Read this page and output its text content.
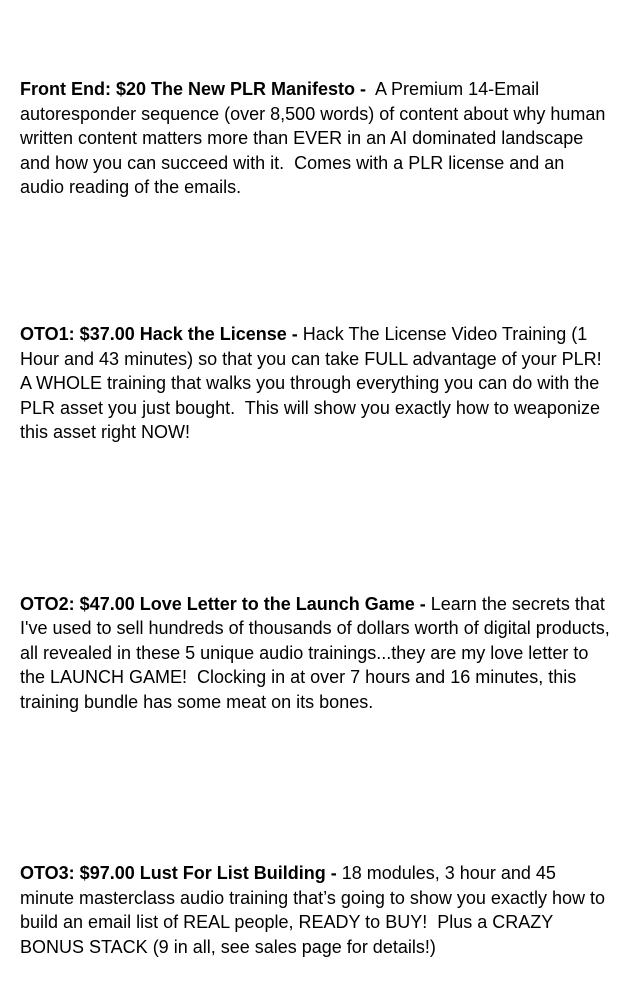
Front End: $20 The New PLR Manifesto -  A Premium 14-Email autoresponder sequence (over 8,500 words) of content about why human written content matters more than EVER in an AI dominated landscape and how you can succeed with it.  Comes with a PLR license and an audio reading of the emails.

OTO1: $37.00 Hack the License - Hack The License Video Training (1 Hour and 43 minutes) so that you can take FULL advantage of your PLR!   A WHOLE training that walks you through everything you can do with the PLR asset you just bought.  This will show you exactly how to weaponize this asset right NOW!

OTO2: $47.00 Love Letter to the Launch Game - Learn the secrets that I've used to sell hundreds of thousands of dollars worth of digital products, all revealed in these 5 unique audio trainings...they are my love letter to the LAUNCH GAME!  Clocking in at over 7 hours and 16 minutes, this training bundle has some meat on its bones.

OTO3: $97.00 Lust For List Building - 18 modules, 3 hour and 45 minute masterclass audio training that’s going to show you exactly how to build an email list of REAL people, READY to BUY!  Plus a CRAZY BONUS STACK (9 in all, see sales page for details!)
